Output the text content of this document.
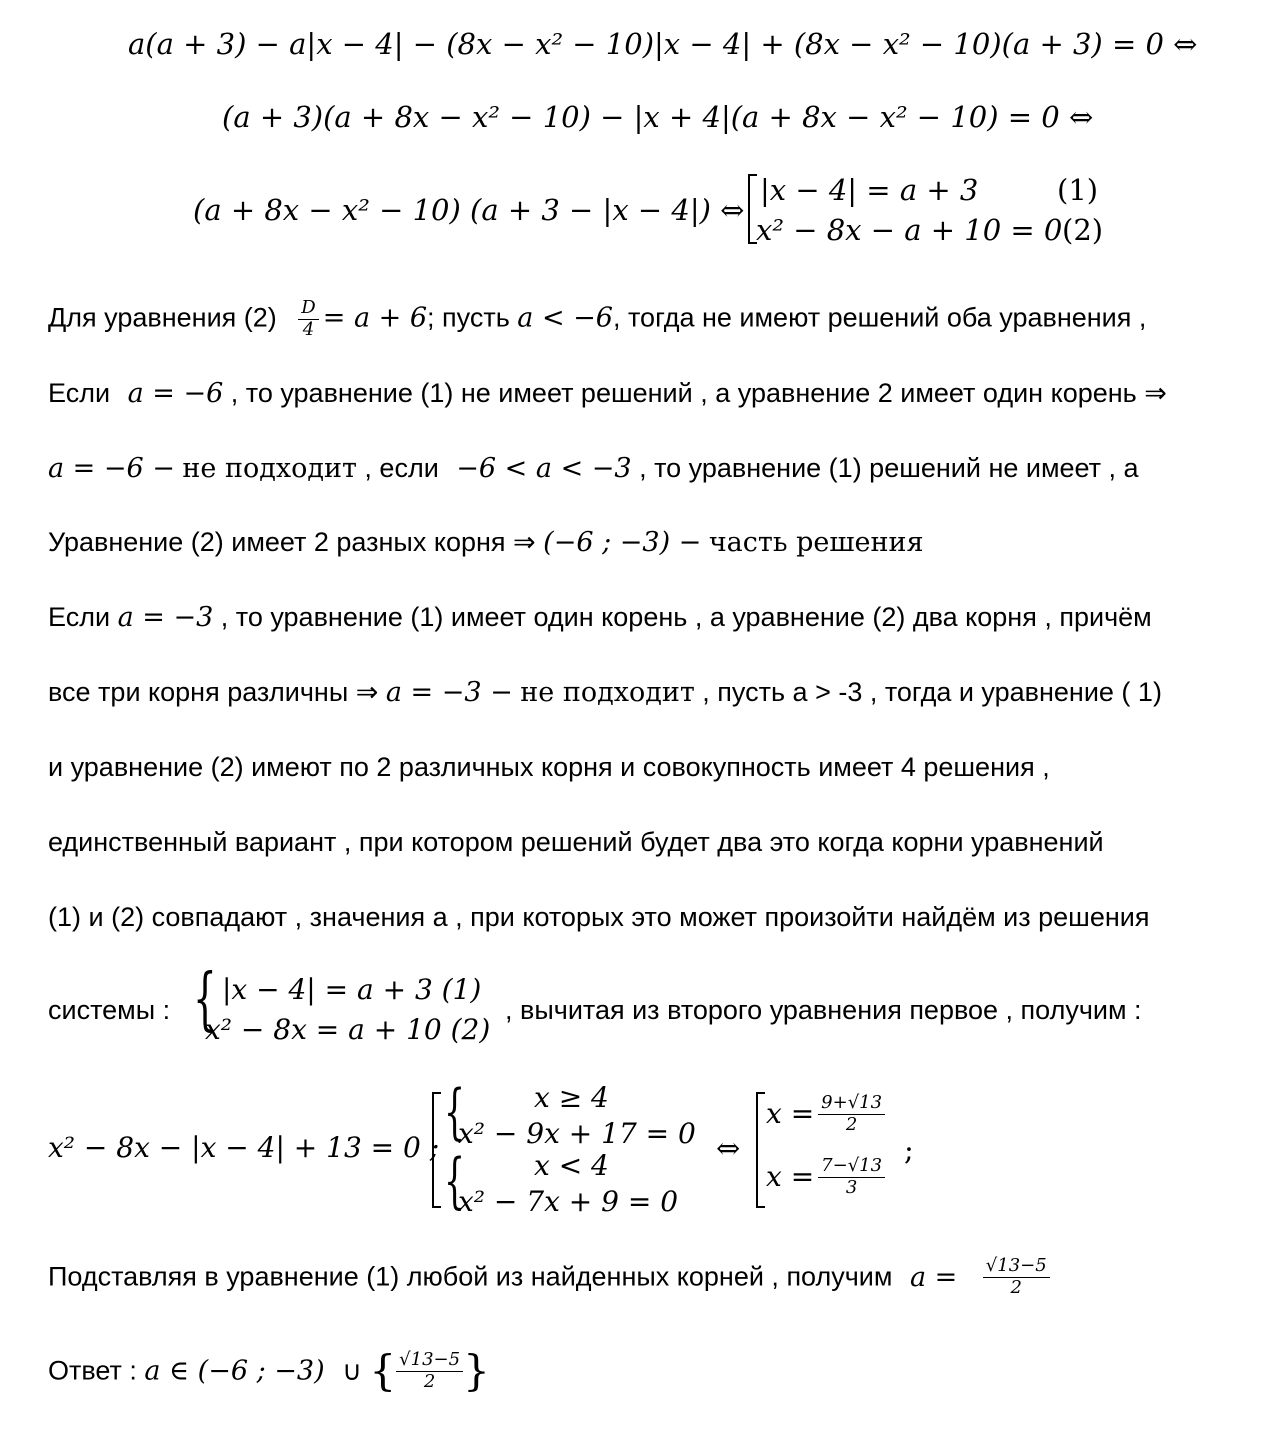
a(a + 3) − a|x − 4| − (8x − x² − 10)|x − 4| + (8x − x² − 10)(a + 3) = 0 ⇔
(a + 3)(a + 8x − x² − 10) − |x + 4|(a + 8x − x² − 10) = 0 ⇔
(a + 8x − x² − 10) (a + 3 − |x − 4|) ⇔
|x − 4| = a + 3	(1)
x² − 8x − a + 10 = 0 (2)
Для уравнения $(2) \frac{D}{4} = a + 6$; пусть a < −6, тогда не имеют решений оба уравнения ,
Если a = −6 , то уравнение (1) не имеет решений , а уравнение 2 имеет один корень ⇒
a = −6 − не подходит , если −6 < a < −3 , то уравнение (1) решений не имеет , а
Уравнение (2) имеет 2 разных корня ⇒ (−6 ; −3) − часть решения
Если a = −3 , то уравнение (1) имеет один корень , а уравнение (2) два корня , причём
все три корня различны ⇒ a = −3 − не подходит , пусть а > -3 , тогда и уравнение ( 1)
и уравнение (2) имеют по 2 различных корня и совокупность имеет 4 решения ,
единственный вариант , при котором решений будет два это когда корни уравнений
(1) и (2) совпадают , значения а , при которых это может произойти найдём из решения
системы : { |x − 4| = a + 3 (1)
x² − 8x = a + 10 (2)
, вычитая из второго уравнения первое , получим :
x² − 8x − |x − 4| + 13 = 0 ;
{ x ≥ 4
x² − 9x + 17 = 0
{ x < 4
x² − 7x + 9 = 0
⇔
$x = \frac{9+√13}{2}$
$x = \frac{7-√13}{3}$
;
Подставляя в уравнение (1) любой из найденных корней , получим $a = \frac{√13-5}{2}$
Ответ : a ∈ (−6 ; −3) ∪ { $\frac{√13-5}{2}$ }
